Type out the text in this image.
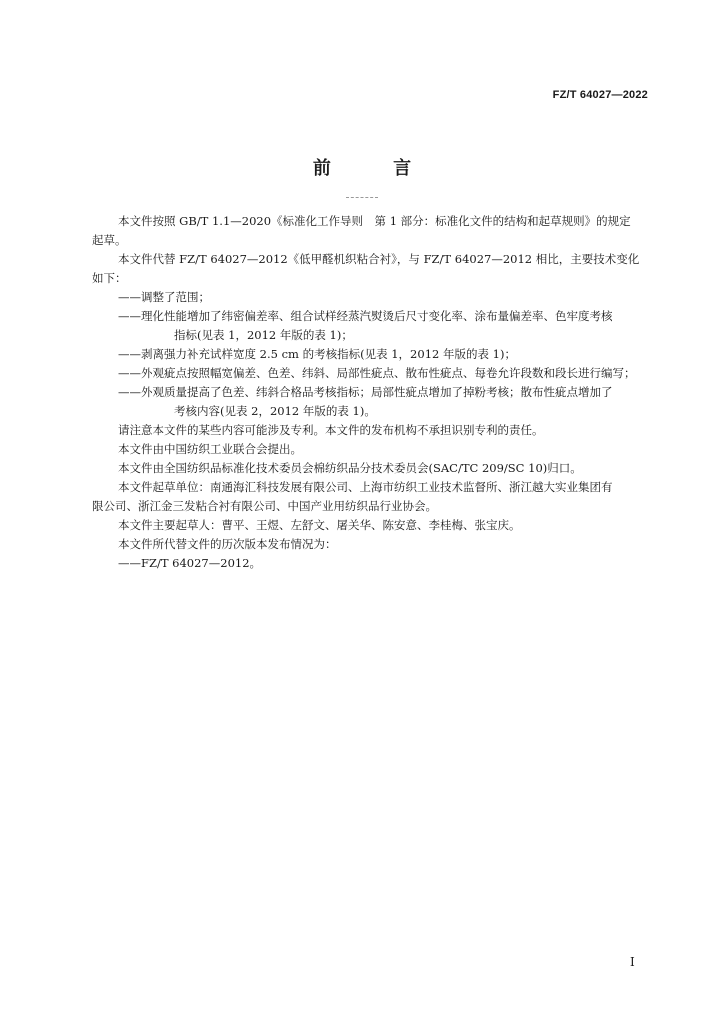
FZ/T 64027—2022
前 言

本文件按照 GB/T 1.1—2020《标准化工作导则　第 1 部分：标准化文件的结构和起草规则》的规定
起草。

本文件代替 FZ/T 64027—2012《低甲醛机织粘合衬》，与 FZ/T 64027—2012 相比，主要技术变化
如下：

——调整了范围；

——理化性能增加了纬密偏差率、组合试样经蒸汽熨烫后尺寸变化率、涂布量偏差率、色牢度考核
指标(见表 1，2012 年版的表 1)；

——剥离强力补充试样宽度 2.5 cm 的考核指标(见表 1，2012 年版的表 1)；

——外观疵点按照幅宽偏差、色差、纬斜、局部性疵点、散布性疵点、每卷允许段数和段长进行编写；

——外观质量提高了色差、纬斜合格品考核指标；局部性疵点增加了掉粉考核；散布性疵点增加了
考核内容(见表 2，2012 年版的表 1)。

请注意本文件的某些内容可能涉及专利。本文件的发布机构不承担识别专利的责任。

本文件由中国纺织工业联合会提出。

本文件由全国纺织品标准化技术委员会棉纺织品分技术委员会(SAC/TC 209/SC 10)归口。

本文件起草单位：南通海汇科技发展有限公司、上海市纺织工业技术监督所、浙江越大实业集团有
限公司、浙江金三发粘合衬有限公司、中国产业用纺织品行业协会。

本文件主要起草人：曹平、王煜、左舒文、屠关华、陈安意、李桂梅、张宝庆。

本文件所代替文件的历次版本发布情况为：

——FZ/T 64027—2012。

I
